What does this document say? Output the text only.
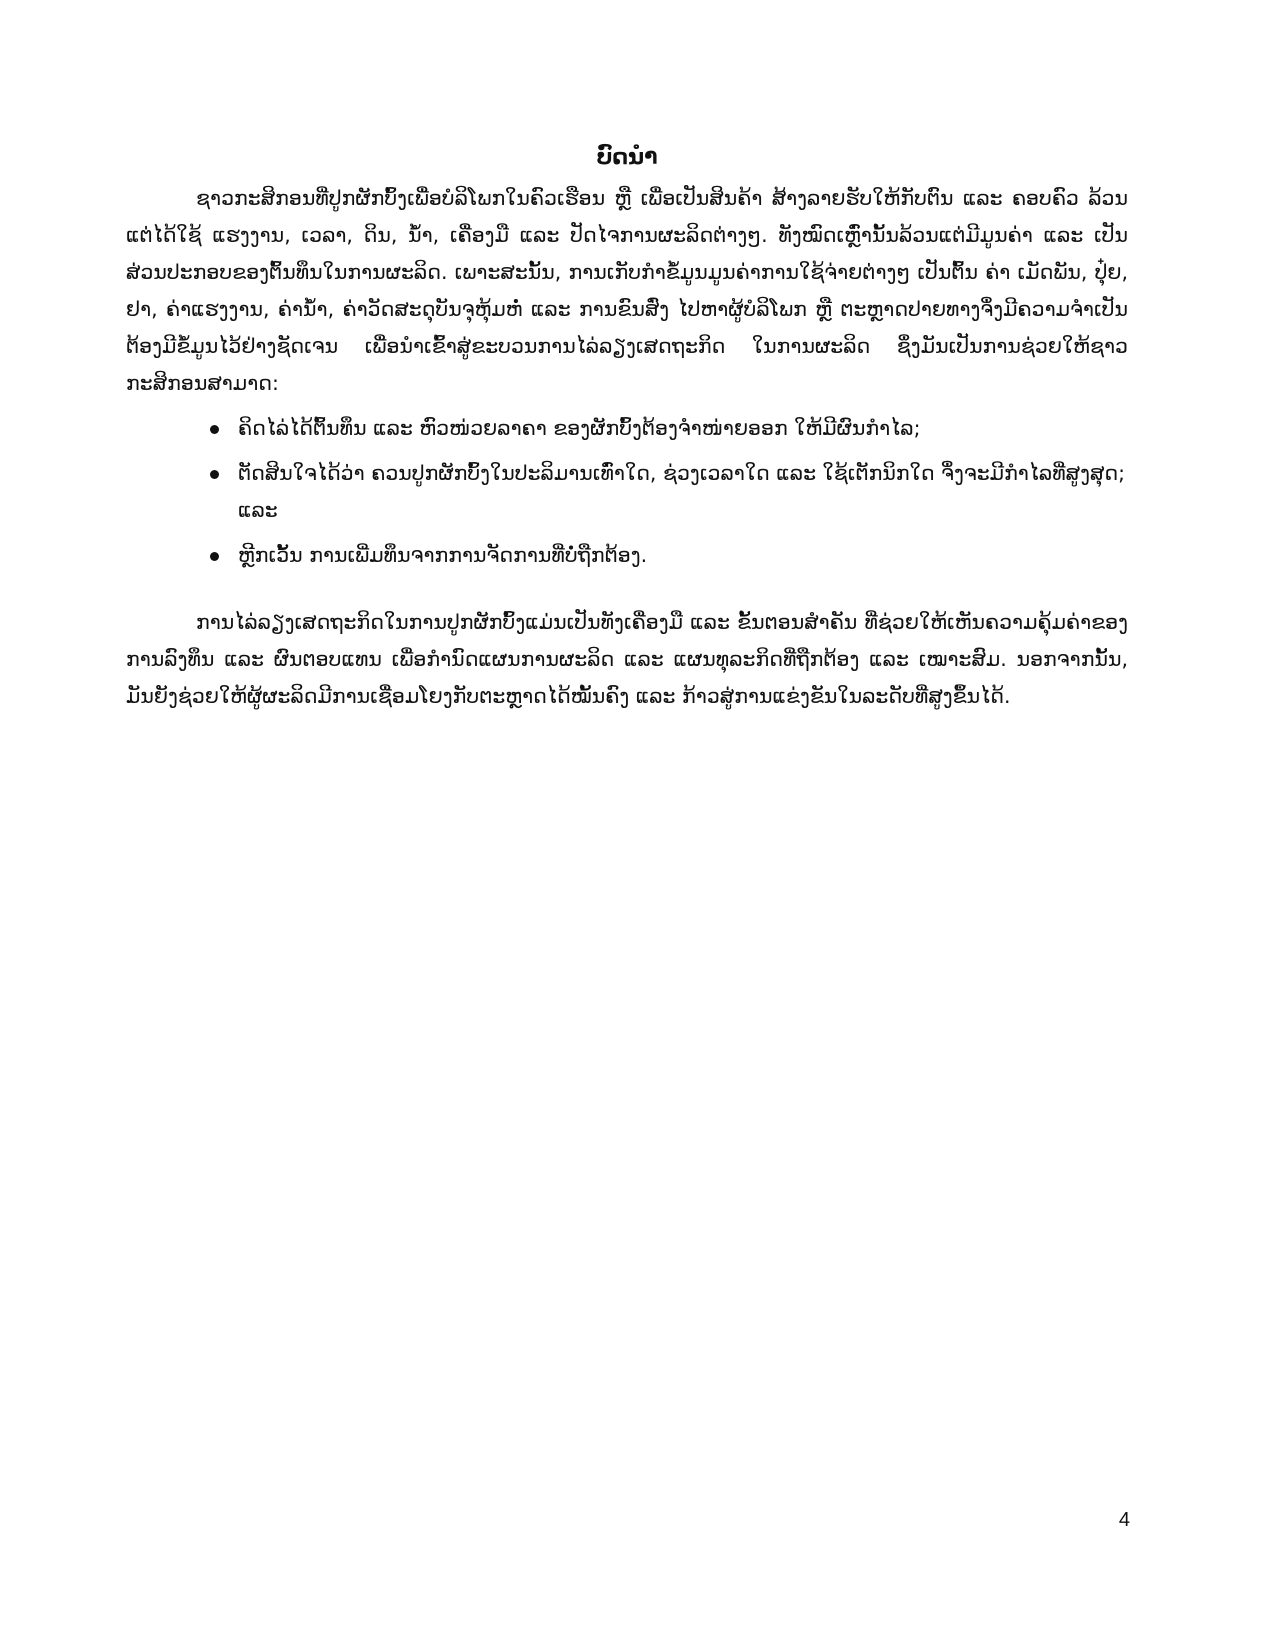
ບົດນຳ

ຊາວກະສິກອນທີ່ປູກຜັກບົ້ງເພື່ອບໍລິໂພກໃນຄົວເຮືອນ ຫຼື ເພື່ອເປັນສິນຄ້າ ສ້າງລາຍຮັບໃຫ້ກັບຕົນ ແລະ ຄອບຄົວ ລ້ວນແຕ່ໄດ້ໃຊ້ ແຮງງານ, ເວລາ, ດິນ, ນ້ຳ, ເຄື່ອງມື ແລະ ປັດໄຈການຜະລິດຕ່າງໆ. ທັງໝົດເຫຼົ່ານັ້ນລ້ວນແຕ່ມີມູນຄ່າ ແລະ ເປັນສ່ວນປະກອບຂອງຕົ້ນທຶນໃນການຜະລິດ. ເພາະສະນັ້ນ, ການເກັບກຳຂໍ້ມູນມູນຄ່າການໃຊ້ຈ່າຍຕ່າງໆ ເປັນຕົ້ນ ຄ່າ ເມັດພັນ, ປຸ໋ຍ, ຢາ, ຄ່າແຮງງານ, ຄ່ານ້ຳ, ຄ່າວັດສະດຸບັນຈຸຫຸ້ມຫໍ່ ແລະ ການຂົນສົ່ງ ໄປຫາຜູ້ບໍລິໂພກ ຫຼື ຕະຫຼາດປາຍທາງຈຶ່ງມີຄວາມຈຳເປັນຕ້ອງມີຂໍ້ມູນໄວ້ຢ່າງຊັດເຈນ ເພື່ອນຳເຂົ້າສູ່ຂະບວນການໄລ່ລຽງເສດຖະກິດ ໃນການຜະລິດ ຊຶ່ງມັນເປັນການຊ່ວຍໃຫ້ຊາວກະສິກອນສາມາດ:

ຄິດໄລ່ໄດ້ຕົ້ນທຶນ ແລະ ຫົວໜ່ວຍລາຄາ ຂອງຜັກບົ້ງຕ້ອງຈຳໜ່າຍອອກ ໃຫ້ມີຜົນກຳໄລ;
ຕັດສິນໃຈໄດ້ວ່າ ຄວນປູກຜັກບົ້ງໃນປະລິມານເທົ່າໃດ, ຊ່ວງເວລາໃດ ແລະ ໃຊ້ເຕັກນິກໃດ ຈຶ່ງຈະມີກຳໄລທີ່ສູງສຸດ; ແລະ
ຫຼີກເວັ້ນ ການເພີ່ມທຶນຈາກການຈັດການທີ່ບໍ່ຖືກຕ້ອງ.

ການໄລ່ລຽງເສດຖະກິດໃນການປູກຜັກບົ້ງແມ່ນເປັນທັງເຄື່ອງມື ແລະ ຂັ້ນຕອນສຳຄັນ ທີ່ຊ່ວຍໃຫ້ເຫັນຄວາມຄຸ້ມຄ່າຂອງການລົງທຶນ ແລະ ຜົນຕອບແທນ ເພື່ອກຳນົດແຜນການຜະລິດ ແລະ ແຜນທຸລະກິດທີ່ຖືກຕ້ອງ ແລະ ເໝາະສົມ. ນອກຈາກນັ້ນ, ມັນຍັງຊ່ວຍໃຫ້ຜູ້ຜະລິດມີການເຊື່ອມໂຍງກັບຕະຫຼາດໄດ້ໝັ້ນຄົງ ແລະ ກ້າວສູ່ການແຂ່ງຂັນໃນລະດັບທີ່ສູງຂຶ້ນໄດ້.

4
